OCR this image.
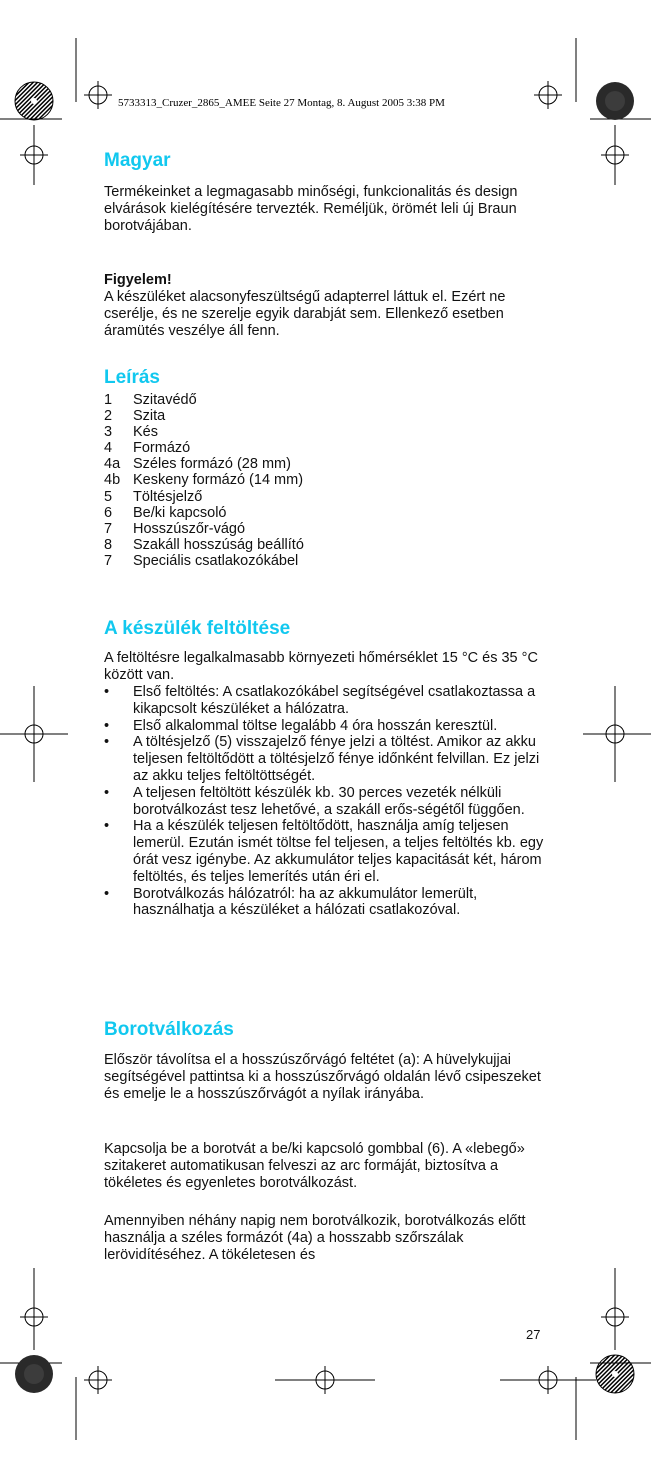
5733313_Cruzer_2865_AMEE Seite 27 Montag, 8. August 2005 3:38 PM
Magyar

Termékeinket a legmagasabb minőségi, funkcionalitás és design elvárások kielégítésére tervezték. Reméljük, örömét leli új Braun borotvájában.

Figyelem!

A készüléket alacsonyfeszültségű adapterrel láttuk el. Ezért ne cserélje, és ne szerelje egyik darabját sem. Ellenkező esetben áramütés veszélye áll fenn.

Leírás
1	Szitavédő
2	Szita
3	Kés
4	Formázó
4a Széles formázó (28 mm)
4b Keskeny formázó (14 mm)
5	Töltésjelző
6	Be/ki kapcsoló
7	Hosszúszőr-vágó
8	Szakáll hosszúság beállító
7	Speciális csatlakozókábel
A készülék feltöltése

A feltöltésre legalkalmasabb környezeti hőmérséklet 15 °C és 35 °C között van.

•	Első feltöltés: A csatlakozókábel segítségével csatlakoztassa a kikapcsolt készüléket a hálózatra.
•	Első alkalommal töltse legalább 4 óra hosszán keresztül.
•	A töltésjelző (5) visszajelző fénye jelzi a töltést. Amikor az akku teljesen feltöltődött a töltésjelző fénye időnként felvillan. Ez jelzi az akku teljes feltöltöttségét.
•	A teljesen feltöltött készülék kb. 30 perces vezeték nélküli borotválkozást tesz lehetővé, a szakáll erős-ségétől függően.
•	Ha a készülék teljesen feltöltődött, használja amíg teljesen lemerül. Ezután ismét töltse fel teljesen, a teljes feltöltés kb. egy órát vesz igénybe. Az akkumulátor teljes kapacitását két, három feltöltés, és teljes lemerítés után éri el.
•	Borotválkozás hálózatról: ha az akkumulátor lemerült, használhatja a készüléket a hálózati csatlakozóval.
Borotválkozás

Először távolítsa el a hosszúszőrvágó feltétet (a): A hüvelykujjai segítségével pattintsa ki a hosszúszőrvágó oldalán lévő csipeszeket és emelje le a hosszúszőrvágót a nyílak irányába.

Kapcsolja be a borotvát a be/ki kapcsoló gombbal (6). A «lebegő» szitakeret automatikusan felveszi az arc formáját, biztosítva a tökéletes és egyenletes borotválkozást.

Amennyiben néhány napig nem borotválkozik, borotválkozás előtt használja a széles formázót (4a) a hosszabb szőrszálak lerövidítéséhez. A tökéletesen és

27
